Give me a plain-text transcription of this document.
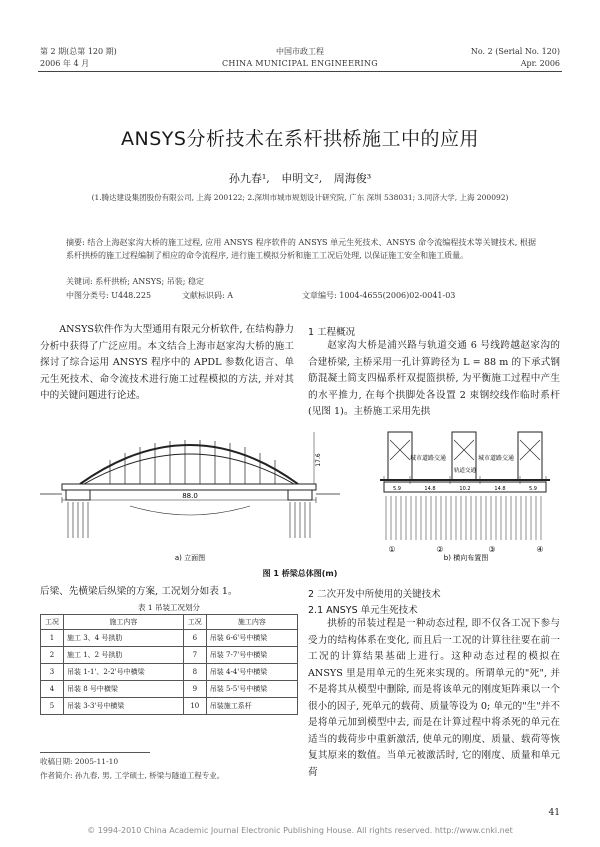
第 2 期(总第 120 期)
2006 年 4 月
中国市政工程
CHINA MUNICIPAL ENGINEERING
No. 2 (Serial No. 120)
Apr. 2006
ANSYS分析技术在系杆拱桥施工中的应用
孙九春¹, 申明文², 周海俊³
(1.腾达建设集团股份有限公司, 上海 200122; 2.深圳市城市规划设计研究院, 广东 深圳 538031; 3.同济大学, 上海 200092)
摘要: 结合上海赵家沟大桥的施工过程, 应用 ANSYS 程序软件的 ANSYS 单元生死技术、ANSYS 命令流编程技术等关键技术, 根据系杆拱桥的施工过程编制了相应的命令流程序, 进行施工模拟分析和施工工况后处理, 以保证施工安全和施工质量。
关键词: 系杆拱桥; ANSYS; 吊装; 稳定
中图分类号: U448.225	文献标识码: A	文章编号: 1004-4655(2006)02-0041-03
ANSYS软件作为大型通用有限元分析软件, 在结构静力分析中获得了广泛应用。本文结合上海市赵家沟大桥的施工探讨了综合运用 ANSYS 程序中的 APDL 参数化语言、单元生死技术、命令流技术进行施工过程模拟的方法, 并对其中的关键问题进行论述。
1 工程概况
赵家沟大桥是浦兴路与轨道交通 6 号线跨越赵家沟的合建桥梁, 主桥采用一孔计算跨径为 L = 88 m 的下承式钢筋混凝土简支四榀系杆双提篮拱桥, 为平衡施工过程中产生的水平推力, 在每个拱脚处各设置 2 束钢绞线作临时系杆(见图 1)。主桥施工采用先拱
88.0
17.6	城市道路交通	城市道路交通
轨道交通
5.9	14.8	10.2	14.8	5.9
①	②	③	④
a) 立面图	b) 横向布置图
图 1 桥梁总体图(m)
后梁、先横梁后纵梁的方案, 工况划分如表 1。
表 1 吊装工况划分
工况	施工内容	工况	施工内容
1	施工 3、4 号拱肋	6	吊装 6-6'号中横梁
2	施工 1、2 号拱肋	7	吊装 7-7'号中横梁
3	吊装 1-1'、2-2'号中横梁	8	吊装 4-4'号中横梁
4	吊装 8 号中横梁	9	吊装 5-5'号中横梁
5	吊装 3-3'号中横梁	10	吊装施工系杆
收稿日期: 2005-11-10
作者简介: 孙九春, 男, 工学硕士, 桥梁与隧道工程专业。
2 二次开发中所使用的关键技术
2.1 ANSYS 单元生死技术
拱桥的吊装过程是一种动态过程, 即不仅各工况下参与受力的结构体系在变化, 而且后一工况的计算往往要在前一工况的计算结果基础上进行。这种动态过程的模拟在 ANSYS 里是用单元的生死来实现的。所谓单元的"死", 并不是将其从模型中删除, 而是将该单元的刚度矩阵乘以一个很小的因子, 死单元的载荷、质量等设为 0; 单元的"生"并不是将单元加到模型中去, 而是在计算过程中将杀死的单元在适当的载荷步中重新激活, 使单元的刚度、质量、载荷等恢复其原来的数值。当单元被激活时, 它的刚度、质量和单元荷
41
© 1994-2010 China Academic Journal Electronic Publishing House. All rights reserved. http://www.cnki.net
